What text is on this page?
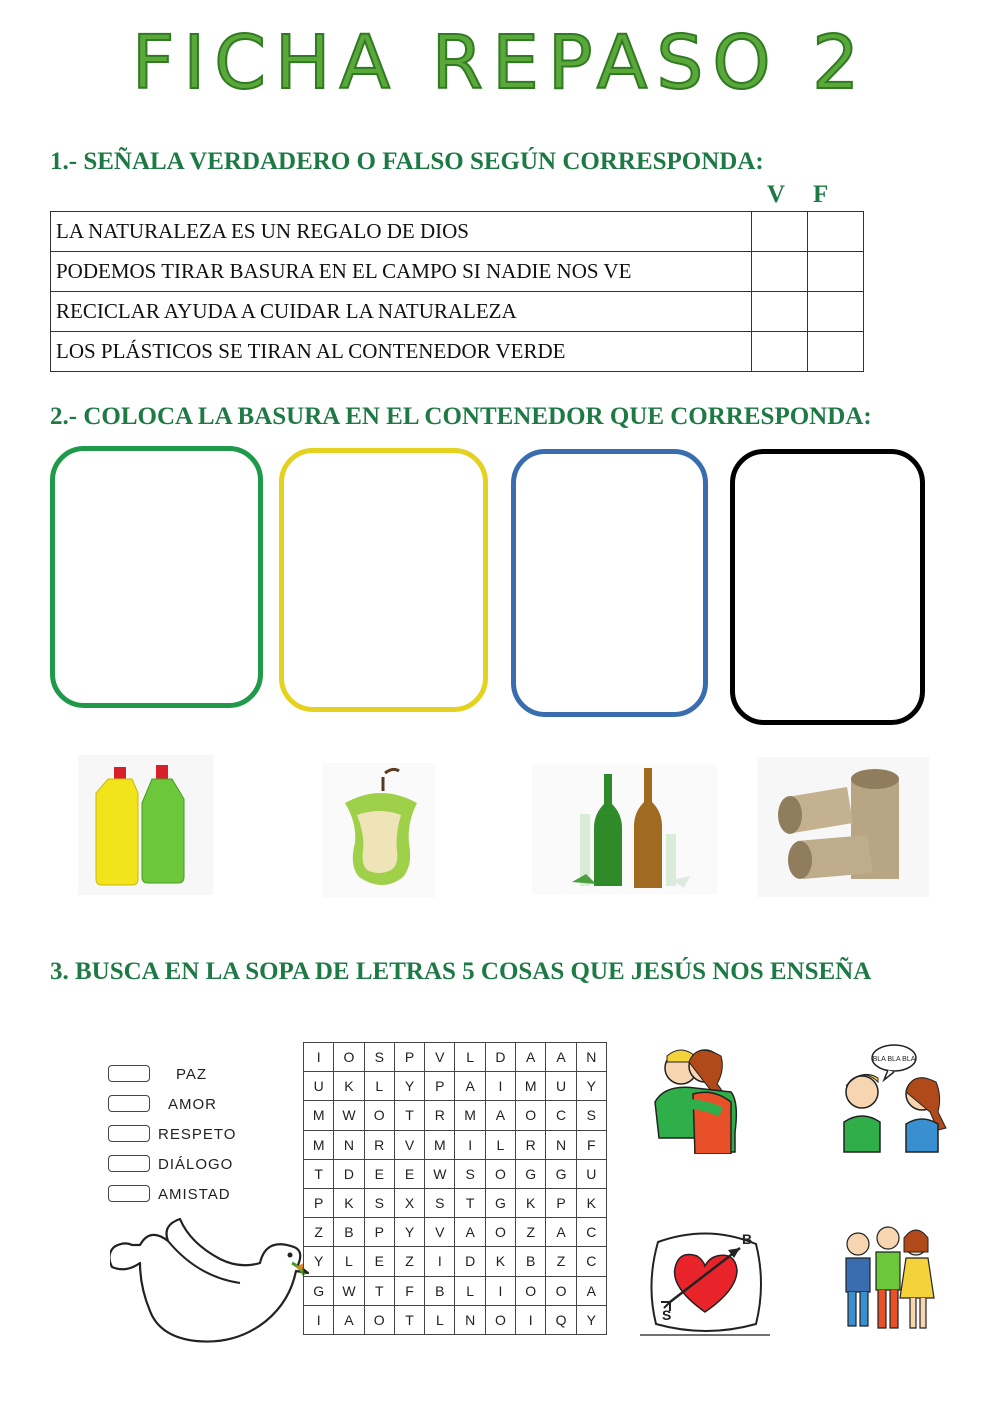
FICHA REPASO 2
1.- SEÑALA VERDADERO O FALSO SEGÚN CORRESPONDA:
V F
LA NATURALEZA ES UN REGALO DE DIOS		
PODEMOS TIRAR BASURA EN EL CAMPO SI NADIE NOS VE		
RECICLAR AYUDA A CUIDAR LA NATURALEZA		
LOS PLÁSTICOS SE TIRAN AL CONTENEDOR VERDE		
2.- COLOCA LA BASURA EN EL CONTENEDOR QUE CORRESPONDA:
3. BUSCA EN LA SOPA DE LETRAS 5 COSAS QUE JESÚS NOS ENSEÑA
PAZ
AMOR
RESPETO
DIÁLOGO
AMISTAD
I	O	S	P	V	L	D	A	A	N
U	K	L	Y	P	A	I	M	U	Y
M	W	O	T	R	M	A	O	C	S
M	N	R	V	M	I	L	R	N	F
T	D	E	E	W	S	O	G	G	U
P	K	S	X	S	T	G	K	P	K
Z	B	P	Y	V	A	O	Z	A	C
Y	L	E	Z	I	D	K	B	Z	C
G	W	T	F	B	L	I	O	O	A
I	A	O	T	L	N	O	I	Q	Y
BLA BLA BLA
B
S
